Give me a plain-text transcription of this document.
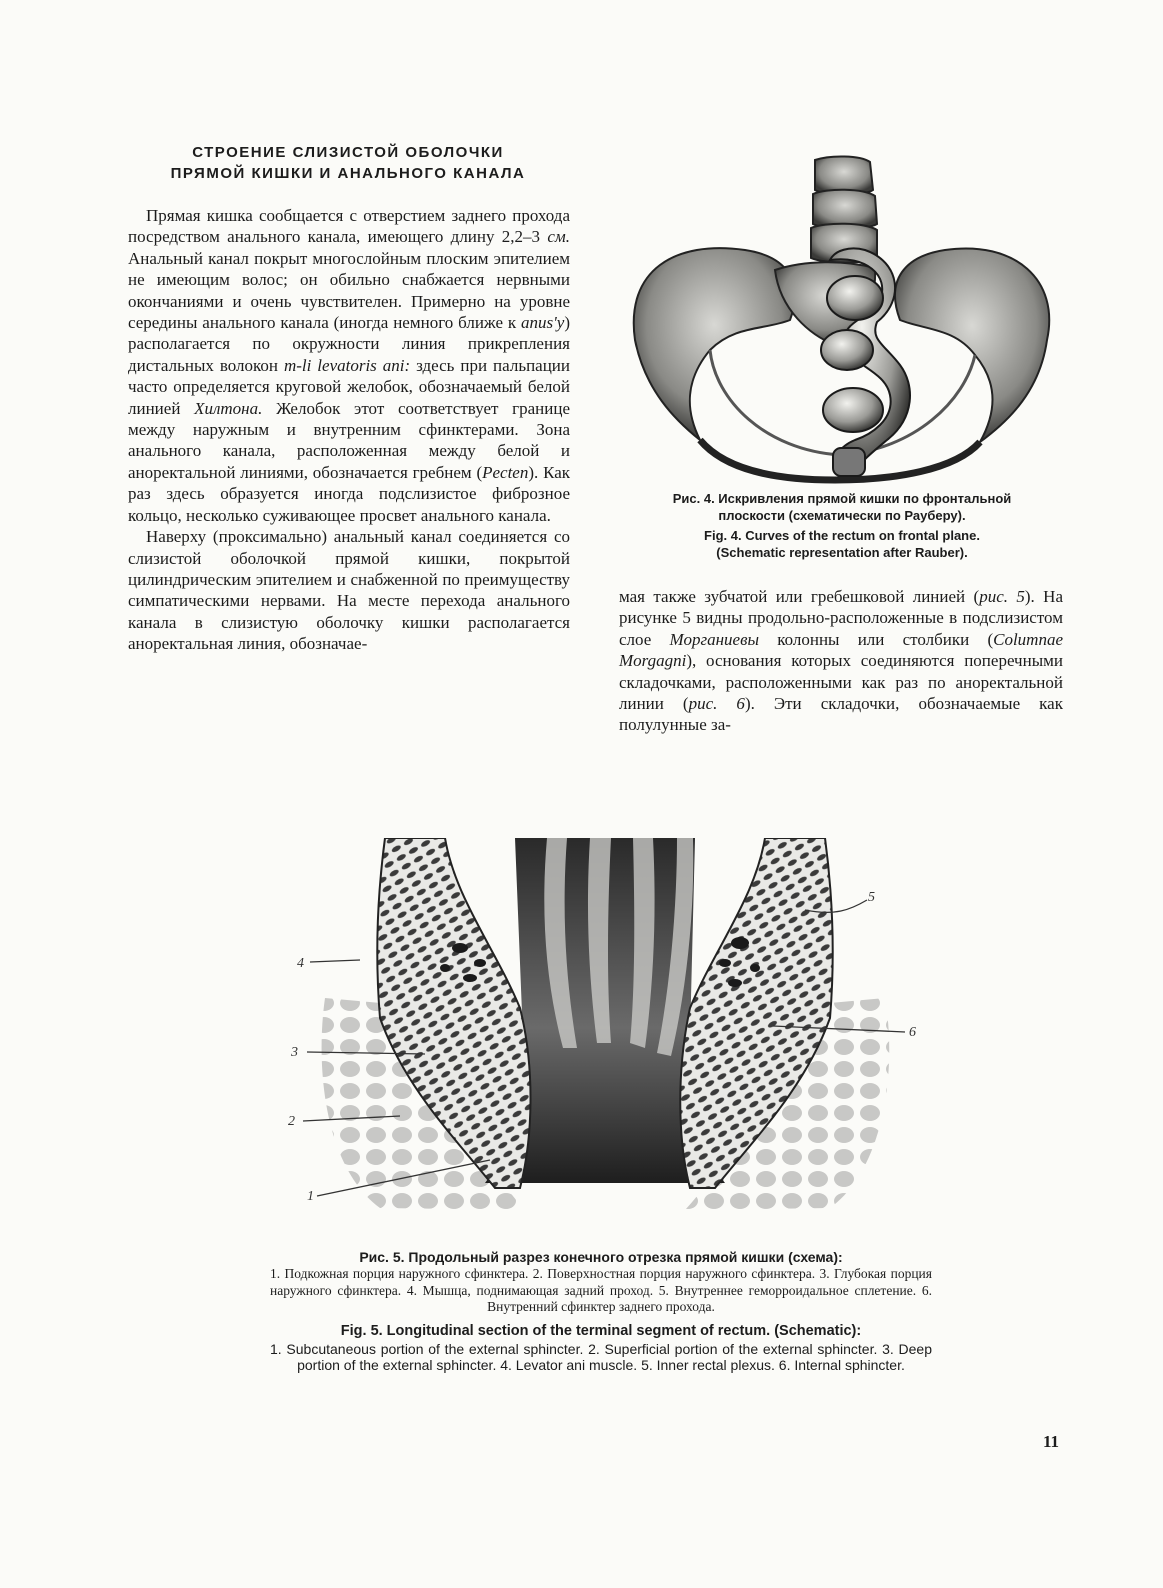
СТРОЕНИЕ СЛИЗИСТОЙ ОБОЛОЧКИ
ПРЯМОЙ КИШКИ И АНАЛЬНОГО КАНАЛА

Прямая кишка сообщается с отверстием заднего прохода посредством анального канала, имеющего длину 2,2–3 см. Анальный канал покрыт многослойным плоским эпителием не имеющим волос; он обильно снабжается нервными окончаниями и очень чувствителен. Примерно на уровне середины анального канала (иногда немного ближе к anus'у) располагается по окружности линия прикрепления дистальных волокон m-li levatoris ani: здесь при пальпации часто определяется круговой желобок, обозначаемый белой линией Хилтона. Желобок этот соответствует границе между наружным и внутренним сфинктерами. Зона анального канала, расположенная между белой и аноректальной линиями, обозначается гребнем (Pecten). Как раз здесь образуется иногда подслизистое фиброзное кольцо, несколько суживающее просвет анального канала.

Наверху (проксимально) анальный канал соединяется со слизистой оболочкой прямой кишки, покрытой цилиндрическим эпителием и снабженной по преимуществу симпатическими нервами. На месте перехода анального канала в слизистую оболочку кишки располагается аноректальная линия, обозначае-

мая также зубчатой или гребешковой линией (рис. 5). На рисунке 5 видны продольно-расположенные в подслизистом слое Морганиевы колонны или столбики (Columnae Morgagni), основания которых соединяются поперечными складочками, расположенными как раз по аноректальной линии (рис. 6). Эти складочки, обозначаемые как полулунные за-

Рис. 4. Искривления прямой кишки по фронтальной
плоскости (схематически по Рауберу).
Fig. 4. Curves of the rectum on frontal plane.
(Schematic representation after Rauber).
1
2
3
4
5
6
Рис. 5. Продольный разрез конечного отрезка прямой кишки (схема):
1. Подкожная порция наружного сфинктера. 2. Поверхностная порция наружного сфинктера. 3. Глубокая порция наружного сфинктера. 4. Мышца, поднимающая задний проход. 5. Внутреннее геморроидальное сплетение. 6. Внутренний сфинктер заднего прохода.
Fig. 5. Longitudinal section of the terminal segment of rectum. (Schematic):
1. Subcutaneous portion of the external sphincter. 2. Superficial portion of the external sphincter. 3. Deep portion of the external sphincter. 4. Levator ani muscle. 5. Inner rectal plexus. 6. Internal sphincter.
11
